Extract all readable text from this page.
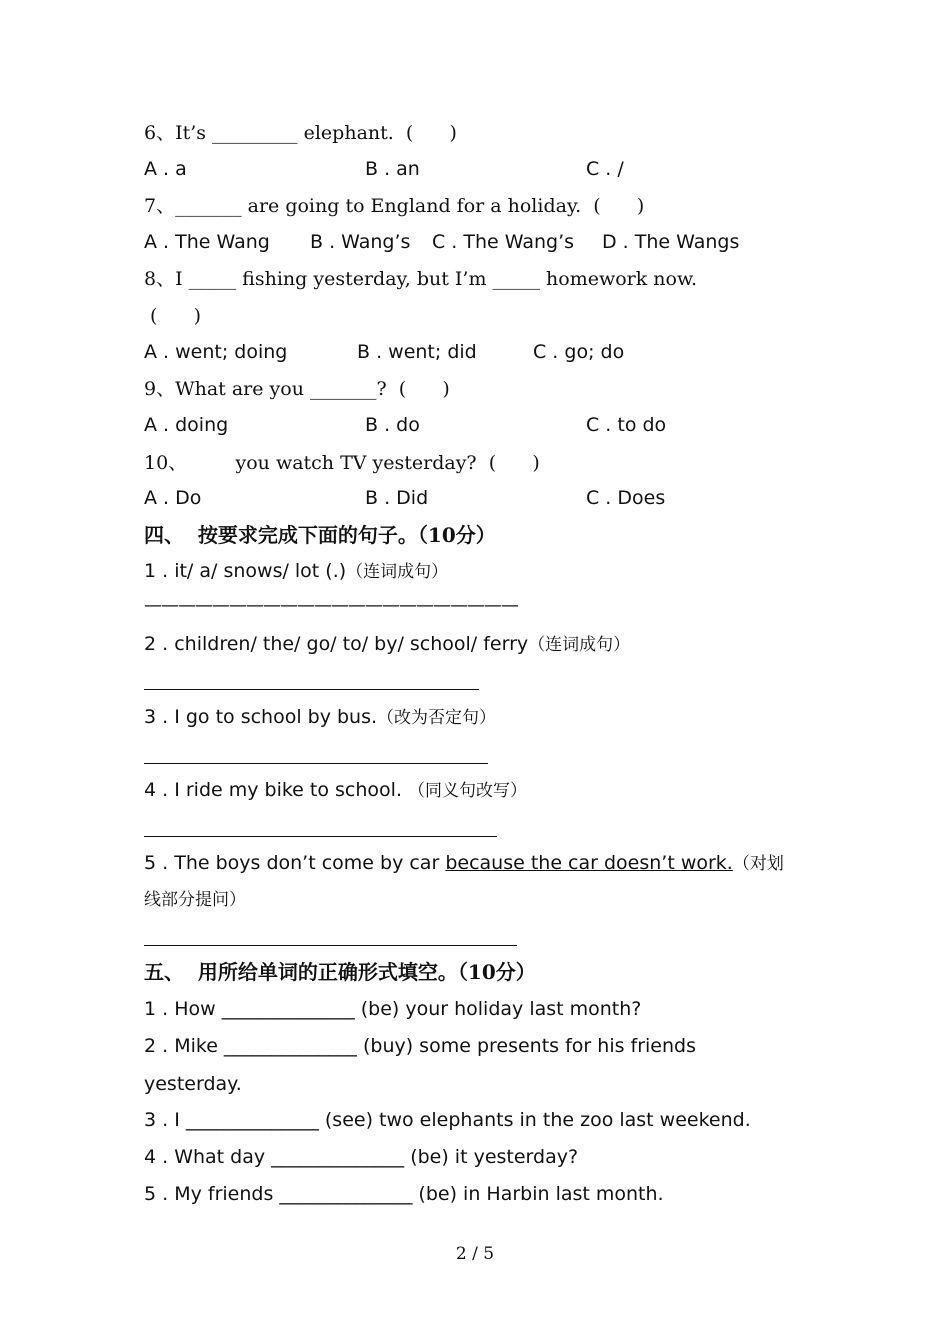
6、It’s _________ elephant.  (      )
A . a	B . an	C . /
7、_______ are going to England for a holiday.  (      )
A . The Wang B . Wang’s C . The Wang’s D . The Wangs
8、I _____ fishing yesterday, but I’m _____ homework now.
(      )
A . went; doing	B . went; did	C . go; do
9、What are you _______?  (      )
A . doing	B . do	C . to do
10、        you watch TV yesterday?  (      )
A . Do	B . Did	C . Does
四、  按要求完成下面的句子。（10分）
1 . it/ a/ snows/ lot (.)（连词成句）
——————————————————————
2 . children/ the/ go/ to/ by/ school/ ferry（连词成句）
3 . I go to school by bus.（改为否定句）
4 . I ride my bike to school. （同义句改写）
5 . The boys don’t come by car because the car doesn’t work.（对划
线部分提问）
五、  用所给单词的正确形式填空。（10分）
1 . How ______________ (be) your holiday last month?
2 . Mike ______________ (buy) some presents for his friends
yesterday.
3 . I ______________ (see) two elephants in the zoo last weekend.
4 . What day ______________ (be) it yesterday?
5 . My friends ______________ (be) in Harbin last month.
2 / 5
